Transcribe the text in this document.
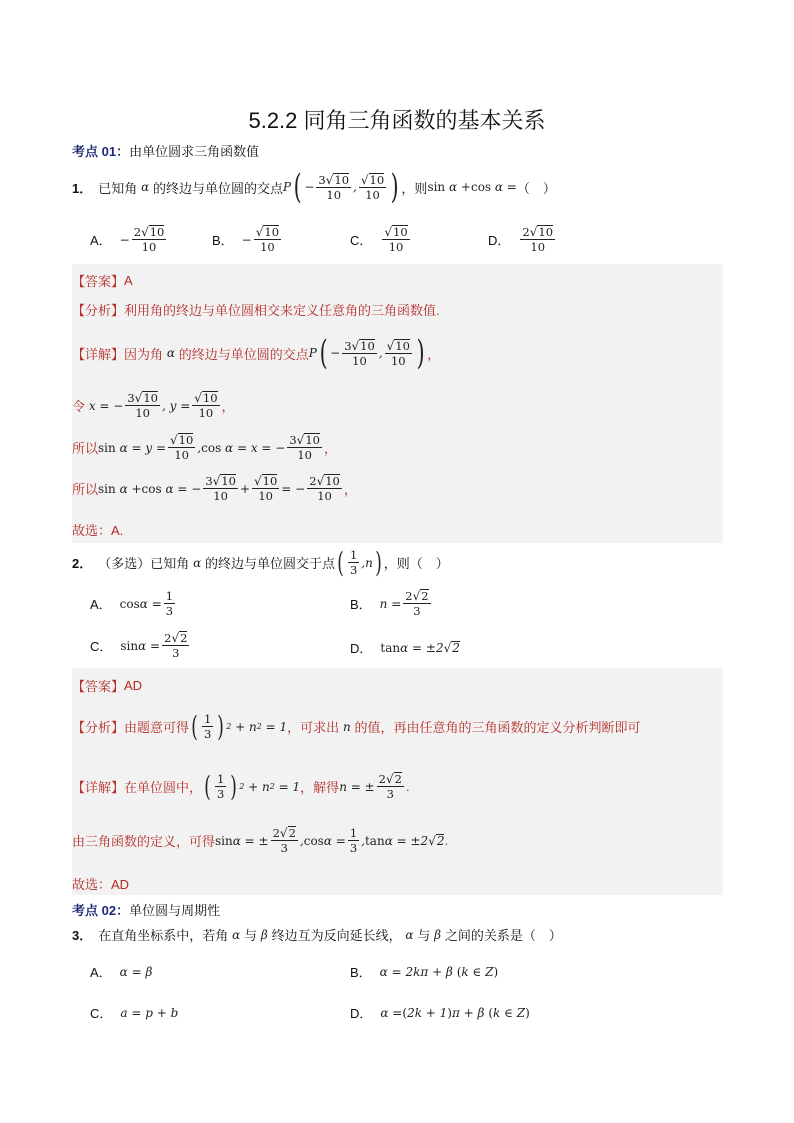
5.2.2 同角三角函数的基本关系
考点 01：由单位圆求三角函数值
1． 已知角 α 的终边与单位圆的交点 P ( − $\frac{3 √ 10}{10}$ , $\frac{√ 10}{10}$ ) ，则 sin α + cos α = （　）
A． − $\frac{2 √ 10}{10}$	B． − $\frac{√ 10}{10}$	C． $\frac{√ 10}{10}$	D． $\frac{2 √ 10}{10}$
【答案】 A
【分析】 利用角的终边与单位圆相交来定义任意角的三角函数值.
【详解】 因为角 α 的终边与单位圆的交点 P ( − $\frac{3 √ 10}{10}$ , $\frac{√ 10}{10}$ ) ，
令 x = − $\frac{3 √ 10}{10}$ , $y = \frac{√ 10}{10}$ ，
所以 $\sin \alpha = y = \frac{√ 10}{10}$ , cos α = x = − $\frac{3 √ 10}{10}$ ，
所以 sin α + cos α = − $\frac{3 √ 10}{10} + \frac{√ 10}{10}$ = − $\frac{2 √ 10}{10}$ ，
故选：A.
2． （多选）已知角 α 的终边与单位圆交于点 ( $\frac{1}{3} ,n$ ) ，则（　）
A． $\cos \alpha = \frac{1}{3}$	B． $n = \frac{2 √ 2}{3}$
C． $\sin \alpha = \frac{2 √ 2}{3}$	D． tan α = ±2 √ 2
【答案】 AD
【分析】 由题意可得 ( $\frac{1}{3}$ ) 2 + n 2 = 1 ，可求出 n 的值，再由任意角的三角函数的定义分析判断即可
【详解】 在单位圆中， ( $\frac{1}{3}$ ) 2 + n 2 = 1 ，解得 n = ± $\frac{2 √ 2}{3}$ .
由三角函数的定义，可得 sin α = ± $\frac{2 √ 2}{3}$ , $\cos \alpha = \frac{1}{3}$ , tan α = ±2 √ 2 .
故选：AD
考点 02：单位圆与周期性
3． 在直角坐标系中，若角 α 与 β 终边互为反向延长线， α 与 β 之间的关系是（　）
A． α = β	B． α = 2kπ + β ( k ∈ Z )
C． a = p + b	D． α = ( 2k + 1 ) π + β ( k ∈ Z )
